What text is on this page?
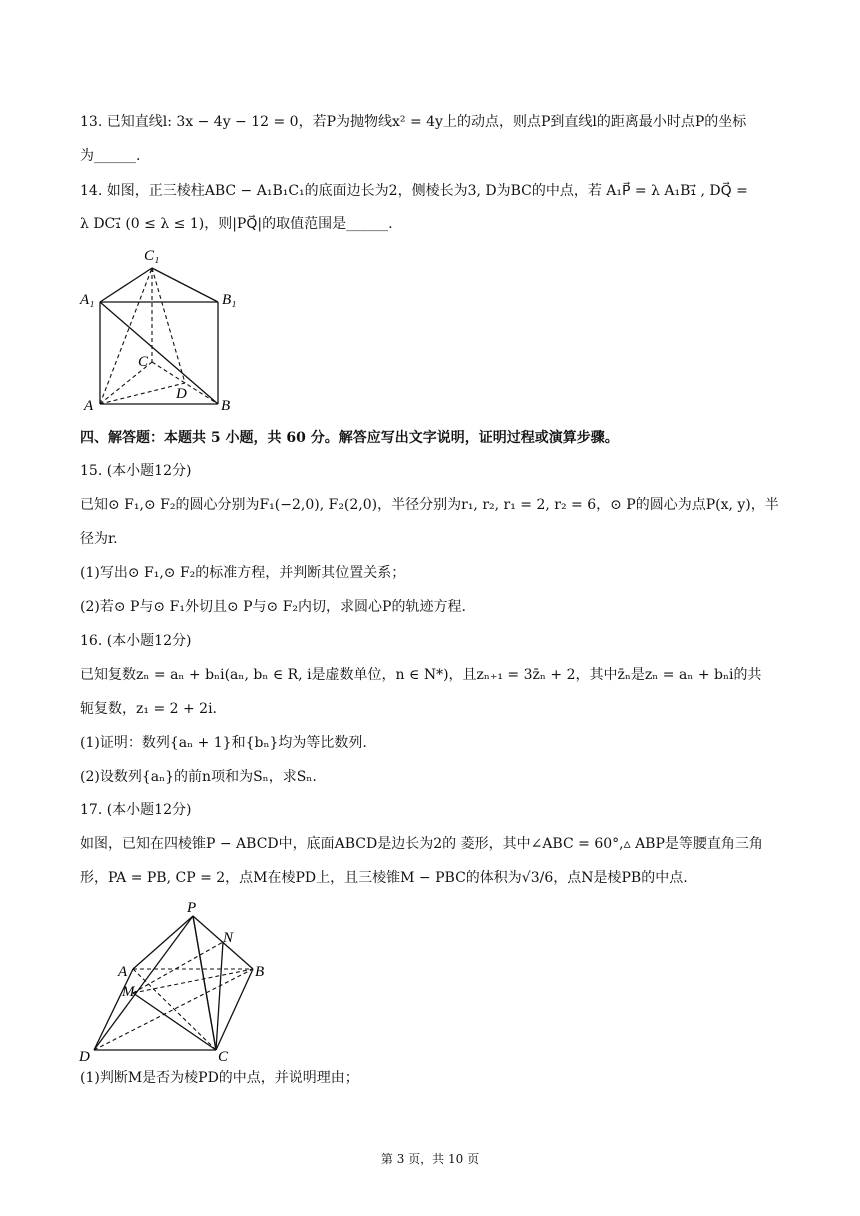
13. 已知直线l: 3x − 4y − 12 = 0，若P为抛物线x² = 4y上的动点，则点P到直线l的距离最小时点P的坐标
为______.
14. 如图，正三棱柱ABC − A₁B₁C₁的底面边长为2，侧棱长为3, D为BC的中点，若 A₁P⃗ = λ A₁B₁⃗ , DQ⃗ =
λ DC₁⃗ (0 ≤ λ ≤ 1)，则|PQ⃗|的取值范围是______.
C₁
A₁	B₁
C
D
A	B
四、解答题：本题共 5 小题，共 60 分。解答应写出文字说明，证明过程或演算步骤。
15. (本小题12分)
已知⊙ F₁,⊙ F₂的圆心分别为F₁(−2,0), F₂(2,0)，半径分别为r₁, r₂, r₁ = 2, r₂ = 6，⊙ P的圆心为点P(x, y)，半
径为r.
(1)写出⊙ F₁,⊙ F₂的标准方程，并判断其位置关系；
(2)若⊙ P与⊙ F₁外切且⊙ P与⊙ F₂内切，求圆心P的轨迹方程.
16. (本小题12分)
已知复数zₙ = aₙ + bₙi(aₙ, bₙ ∈ R, i是虚数单位，n ∈ N*)，且zₙ₊₁ = 3z̄ₙ + 2，其中z̄ₙ是zₙ = aₙ + bₙi的共
轭复数，z₁ = 2 + 2i.
(1)证明：数列{aₙ + 1}和{bₙ}均为等比数列.
(2)设数列{aₙ}的前n项和为Sₙ，求Sₙ.
17. (本小题12分)
如图，已知在四棱锥P − ABCD中，底面ABCD是边长为2的 菱形，其中∠ABC = 60°,▵ ABP是等腰直角三角
形，PA = PB, CP = 2，点M在棱PD上，且三棱锥M − PBC的体积为√3/6，点N是棱PB的中点.
P
N
A	B
M
D	C
(1)判断M是否为棱PD的中点，并说明理由；
第 3 页，共 10 页
